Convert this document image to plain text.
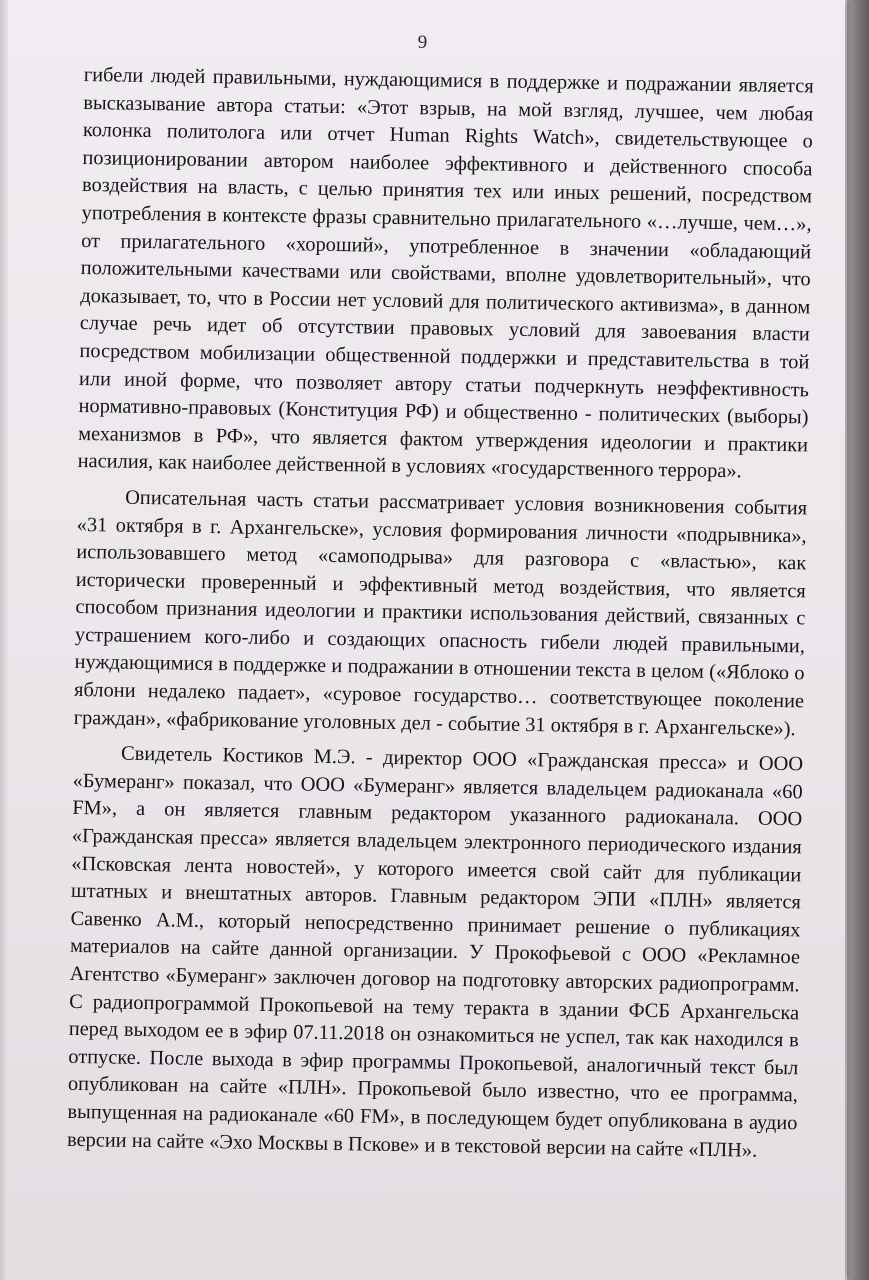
9

гибели людей правильными, нуждающимися в поддержке и подражании является высказывание автора статьи: «Этот взрыв, на мой взгляд, лучшее, чем любая колонка политолога или отчет Human Rights Watch», свидетельствующее о позиционировании автором наиболее эффективного и действенного способа воздействия на власть, с целью принятия тех или иных решений, посредством употребления в контексте фразы сравнительно прилагательного «…лучше, чем…», от прилагательного «хороший», употребленное в значении «обладающий положительными качествами или свойствами, вполне удовлетворительный», что доказывает, то, что в России нет условий для политического активизма», в данном случае речь идет об отсутствии правовых условий для завоевания власти посредством мобилизации общественной поддержки и представительства в той или иной форме, что позволяет автору статьи подчеркнуть неэффективность нормативно-правовых (Конституция РФ) и общественно - политических (выборы) механизмов в РФ», что является фактом утверждения идеологии и практики насилия, как наиболее действенной в условиях «государственного террора».

Описательная часть статьи рассматривает условия возникновения события «31 октября в г. Архангельске», условия формирования личности «подрывника», использовавшего метод «самоподрыва» для разговора с «властью», как исторически проверенный и эффективный метод воздействия, что является способом признания идеологии и практики использования действий, связанных с устрашением кого-либо и создающих опасность гибели людей правильными, нуждающимися в поддержке и подражании в отношении текста в целом («Яблоко о яблони недалеко падает», «суровое государство… соответствующее поколение граждан», «фабрикование уголовных дел - событие 31 октября в г. Архангельске»).

Свидетель Костиков М.Э. - директор ООО «Гражданская пресса» и ООО «Бумеранг» показал, что ООО «Бумеранг» является владельцем радиоканала «60 FM», а он является главным редактором указанного радиоканала. ООО «Гражданская пресса» является владельцем электронного периодического издания «Псковская лента новостей», у которого имеется свой сайт для публикации штатных и внештатных авторов. Главным редактором ЭПИ «ПЛН» является Савенко А.М., который непосредственно принимает решение о публикациях материалов на сайте данной организации. У Прокофьевой с ООО «Рекламное Агентство «Бумеранг» заключен договор на подготовку авторских радиопрограмм. С радиопрограммой Прокопьевой на тему теракта в здании ФСБ Архангельска перед выходом ее в эфир 07.11.2018 он ознакомиться не успел, так как находился в отпуске. После выхода в эфир программы Прокопьевой, аналогичный текст был опубликован на сайте «ПЛН». Прокопьевой было известно, что ее программа, выпущенная на радиоканале «60 FM», в последующем будет опубликована в аудио версии на сайте «Эхо Москвы в Пскове» и в текстовой версии на сайте «ПЛН».
